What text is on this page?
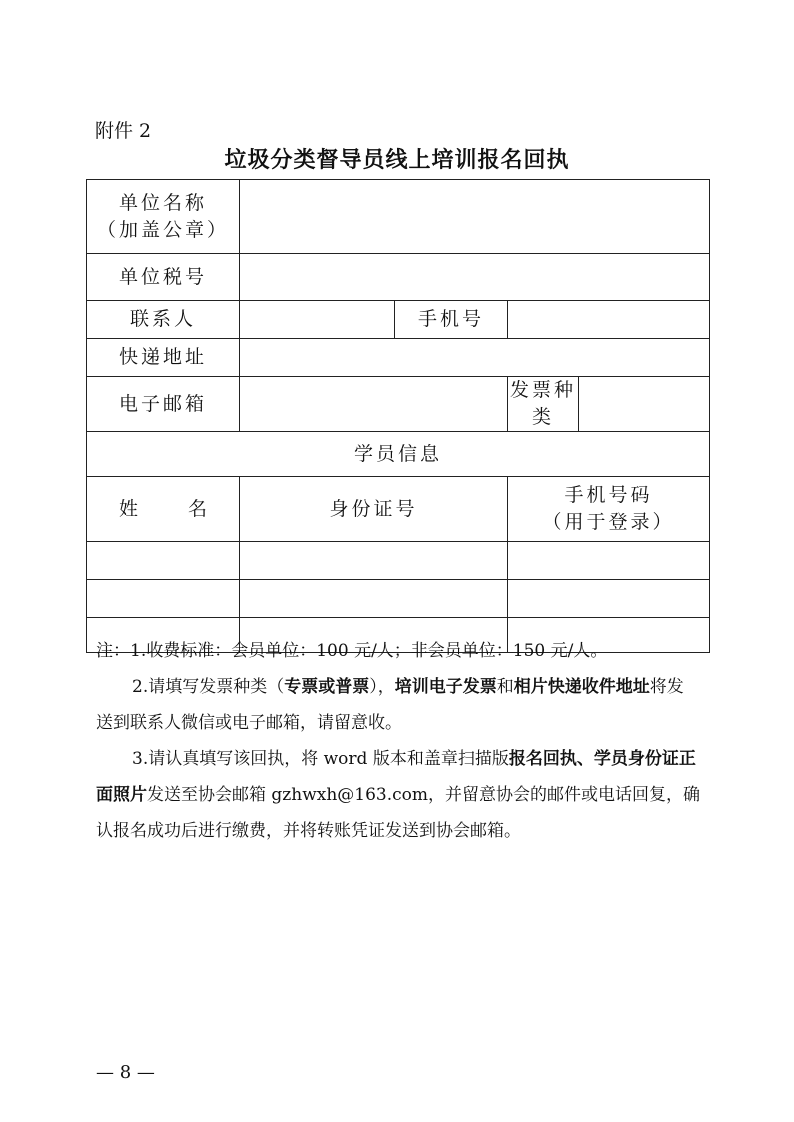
附件 2
垃圾分类督导员线上培训报名回执
单位名称
（加盖公章）				

单位税号				
联系人		手机号		
快递地址				
电子邮箱			发票种类	
学员信息				
姓 名	身份证号		手机号码
（用于登录）	

注：1.收费标准：会员单位：100 元/人；非会员单位：150 元/人。

2.请填写发票种类（专票或普票），培训电子发票和相片快递收件地址将发送到联系人微信或电子邮箱，请留意收。

3.请认真填写该回执，将 word 版本和盖章扫描版报名回执、学员身份证正面照片发送至协会邮箱 gzhwxh@163.com，并留意协会的邮件或电话回复，确认报名成功后进行缴费，并将转账凭证发送到协会邮箱。

— 8 —
